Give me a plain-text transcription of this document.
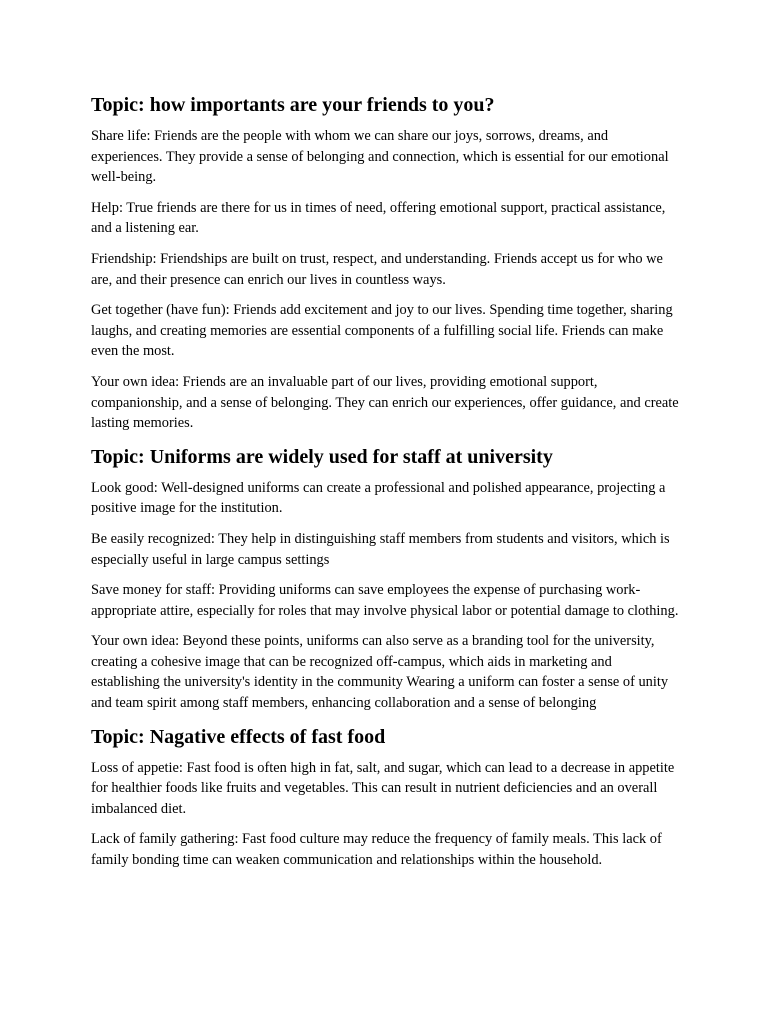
Topic: how importants are your friends to you?

Share life: Friends are the people with whom we can share our joys, sorrows, dreams, and experiences. They provide a sense of belonging and connection, which is essential for our emotional well-being.

Help: True friends are there for us in times of need, offering emotional support, practical assistance, and a listening ear.

Friendship: Friendships are built on trust, respect, and understanding. Friends accept us for who we are, and their presence can enrich our lives in countless ways.

Get together (have fun): Friends add excitement and joy to our lives. Spending time together, sharing laughs, and creating memories are essential components of a fulfilling social life. Friends can make even the most.

Your own idea: Friends are an invaluable part of our lives, providing emotional support, companionship, and a sense of belonging. They can enrich our experiences, offer guidance, and create lasting memories.

Topic: Uniforms are widely used for staff at university

Look good: Well-designed uniforms can create a professional and polished appearance, projecting a positive image for the institution.

Be easily recognized: They help in distinguishing staff members from students and visitors, which is especially useful in large campus settings

Save money for staff: Providing uniforms can save employees the expense of purchasing work-appropriate attire, especially for roles that may involve physical labor or potential damage to clothing.

Your own idea: Beyond these points, uniforms can also serve as a branding tool for the university, creating a cohesive image that can be recognized off-campus, which aids in marketing and establishing the university's identity in the community Wearing a uniform can foster a sense of unity and team spirit among staff members, enhancing collaboration and a sense of belonging

Topic: Nagative effects of fast food

Loss of appetie: Fast food is often high in fat, salt, and sugar, which can lead to a decrease in appetite for healthier foods like fruits and vegetables. This can result in nutrient deficiencies and an overall imbalanced diet.

Lack of family gathering: Fast food culture may reduce the frequency of family meals. This lack of family bonding time can weaken communication and relationships within the household.
